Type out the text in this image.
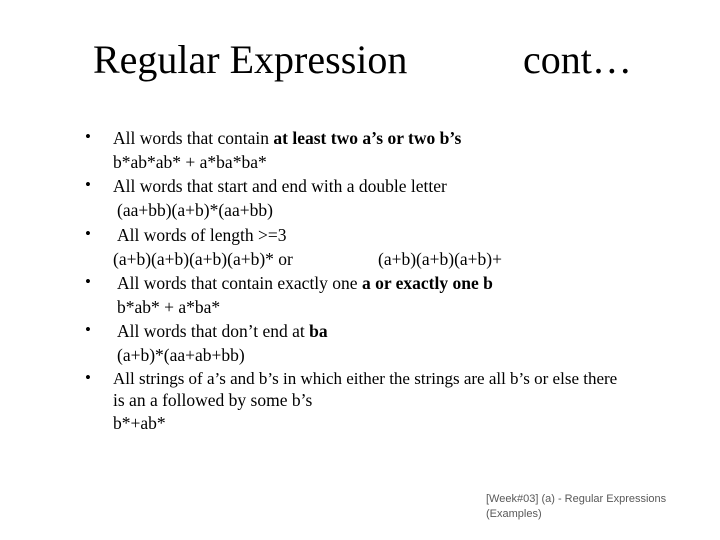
Regular Expression	cont…
• All words that contain at least two a’s or two b’s
b*ab*ab* + a*ba*ba*
• All words that start and end with a double letter
(aa+bb)(a+b)*(aa+bb)
• All words of length >=3
(a+b)(a+b)(a+b)(a+b)* or	(a+b)(a+b)(a+b)+
• All words that contain exactly one a or exactly one b
b*ab* + a*ba*
• All words that don’t end at ba
(a+b)*(aa+ab+bb)
• All strings of a’s and b’s in which either the strings are all b’s or else there
is an a followed by some b’s
b*+ab*
[Week#03] (a) - Regular Expressions
(Examples)
